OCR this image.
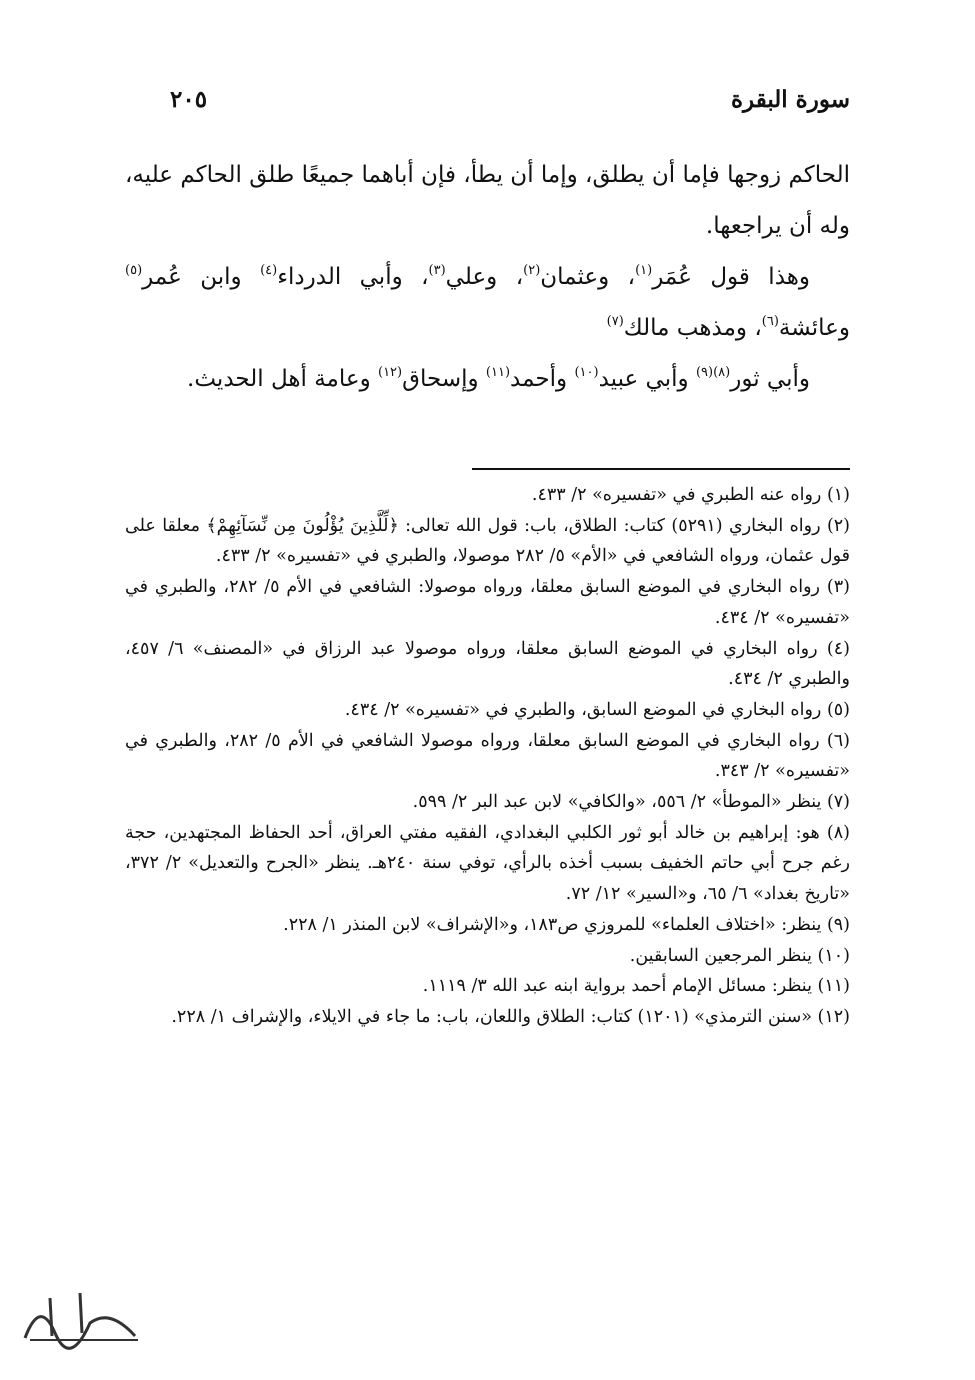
سورة البقرة
٢٠٥

الحاكم زوجها فإما أن يطلق، وإما أن يطأ، فإن أباهما جميعًا طلق الحاكم عليه، وله أن يراجعها.

وهذا قول عُمَر$^{(١)}$، وعثمان$^{(٢)}$، وعلي$^{(٣)}$، وأبي الدرداء$^{(٤)}$ وابن عُمر$^{(٥)}$ وعائشة$^{(٦)}$، ومذهب مالك$^{(٧)}$

وأبي ثور$^{(٨)(٩)}$ وأبي عبيد$^{(١٠)}$ وأحمد$^{(١١)}$ وإسحاق$^{(١٢)}$ وعامة أهل الحديث.

(١) رواه عنه الطبري في «تفسيره» ٢/ ٤٣٣.

(٢) رواه البخاري (٥٢٩١) كتاب: الطلاق، باب: قول الله تعالى: ﴿لِّلَّذِينَ يُؤْلُونَ مِن نِّسَآئِهِمْ﴾ معلقا على قول عثمان، ورواه الشافعي في «الأم» ٥/ ٢٨٢ موصولا، والطبري في «تفسيره» ٢/ ٤٣٣.

(٣) رواه البخاري في الموضع السابق معلقا، ورواه موصولا: الشافعي في الأم ٥/ ٢٨٢، والطبري في «تفسيره» ٢/ ٤٣٤.

(٤) رواه البخاري في الموضع السابق معلقا، ورواه موصولا عبد الرزاق في «المصنف» ٦/ ٤٥٧، والطبري ٢/ ٤٣٤.

(٥) رواه البخاري في الموضع السابق، والطبري في «تفسيره» ٢/ ٤٣٤.

(٦) رواه البخاري في الموضع السابق معلقا، ورواه موصولا الشافعي في الأم ٥/ ٢٨٢، والطبري في «تفسيره» ٢/ ٣٤٣.

(٧) ينظر «الموطأ» ٢/ ٥٥٦، «والكافي» لابن عبد البر ٢/ ٥٩٩.

(٨) هو: إبراهيم بن خالد أبو ثور الكلبي البغدادي، الفقيه مفتي العراق، أحد الحفاظ المجتهدين، حجة رغم جرح أبي حاتم الخفيف بسبب أخذه بالرأي، توفي سنة ٢٤٠هـ. ينظر «الجرح والتعديل» ٢/ ٣٧٢، «تاريخ بغداد» ٦/ ٦٥، و«السير» ١٢/ ٧٢.

(٩) ينظر: «اختلاف العلماء» للمروزي ص١٨٣، و«الإشراف» لابن المنذر ١/ ٢٢٨.

(١٠) ينظر المرجعين السابقين.

(١١) ينظر: مسائل الإمام أحمد برواية ابنه عبد الله ٣/ ١١١٩.

(١٢) «سنن الترمذي» (١٢٠١) كتاب: الطلاق واللعان، باب: ما جاء في الايلاء، والإشراف ١/ ٢٢٨.
